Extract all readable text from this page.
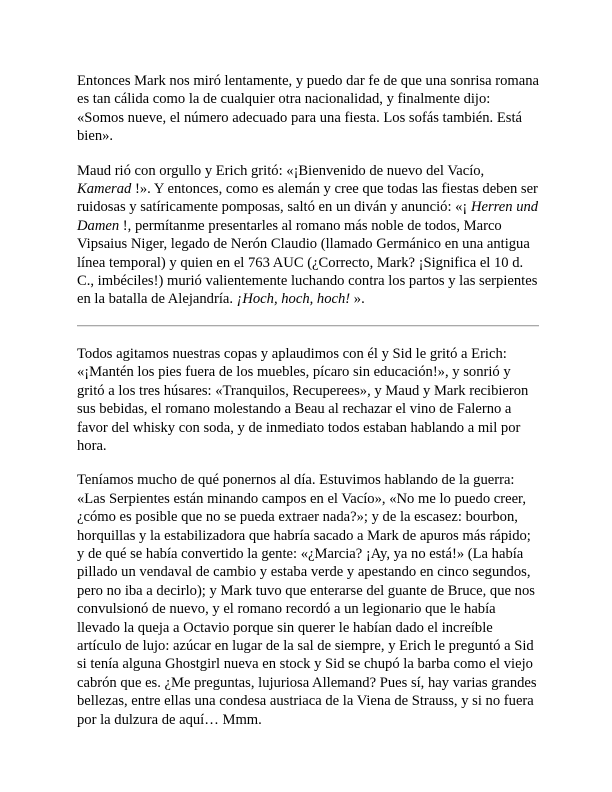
Entonces Mark nos miró lentamente, y puedo dar fe de que una sonrisa romana es tan cálida como la de cualquier otra nacionalidad, y finalmente dijo: «Somos nueve, el número adecuado para una fiesta. Los sofás también. Está bien».

Maud rió con orgullo y Erich gritó: «¡Bienvenido de nuevo del Vacío, Kamerad !». Y entonces, como es alemán y cree que todas las fiestas deben ser ruidosas y satíricamente pomposas, saltó en un diván y anunció: «¡ Herren und Damen !, permítanme presentarles al romano más noble de todos, Marco Vipsaius Niger, legado de Nerón Claudio (llamado Germánico en una antigua línea temporal) y quien en el 763 AUC (¿Correcto, Mark? ¡Significa el 10 d. C., imbéciles!) murió valientemente luchando contra los partos y las serpientes en la batalla de Alejandría. ¡Hoch, hoch, hoch! ».

Todos agitamos nuestras copas y aplaudimos con él y Sid le gritó a Erich: «¡Mantén los pies fuera de los muebles, pícaro sin educación!», y sonrió y gritó a los tres húsares: «Tranquilos, Recuperees», y Maud y Mark recibieron sus bebidas, el romano molestando a Beau al rechazar el vino de Falerno a favor del whisky con soda, y de inmediato todos estaban hablando a mil por hora.

Teníamos mucho de qué ponernos al día. Estuvimos hablando de la guerra: «Las Serpientes están minando campos en el Vacío», «No me lo puedo creer, ¿cómo es posible que no se pueda extraer nada?»; y de la escasez: bourbon, horquillas y la estabilizadora que habría sacado a Mark de apuros más rápido; y de qué se había convertido la gente: «¿Marcia? ¡Ay, ya no está!» (La había pillado un vendaval de cambio y estaba verde y apestando en cinco segundos, pero no iba a decirlo); y Mark tuvo que enterarse del guante de Bruce, que nos convulsionó de nuevo, y el romano recordó a un legionario que le había llevado la queja a Octavio porque sin querer le habían dado el increíble artículo de lujo: azúcar en lugar de la sal de siempre, y Erich le preguntó a Sid si tenía alguna Ghostgirl nueva en stock y Sid se chupó la barba como el viejo cabrón que es. ¿Me preguntas, lujuriosa Allemand? Pues sí, hay varias grandes bellezas, entre ellas una condesa austriaca de la Viena de Strauss, y si no fuera por la dulzura de aquí… Mmm.
